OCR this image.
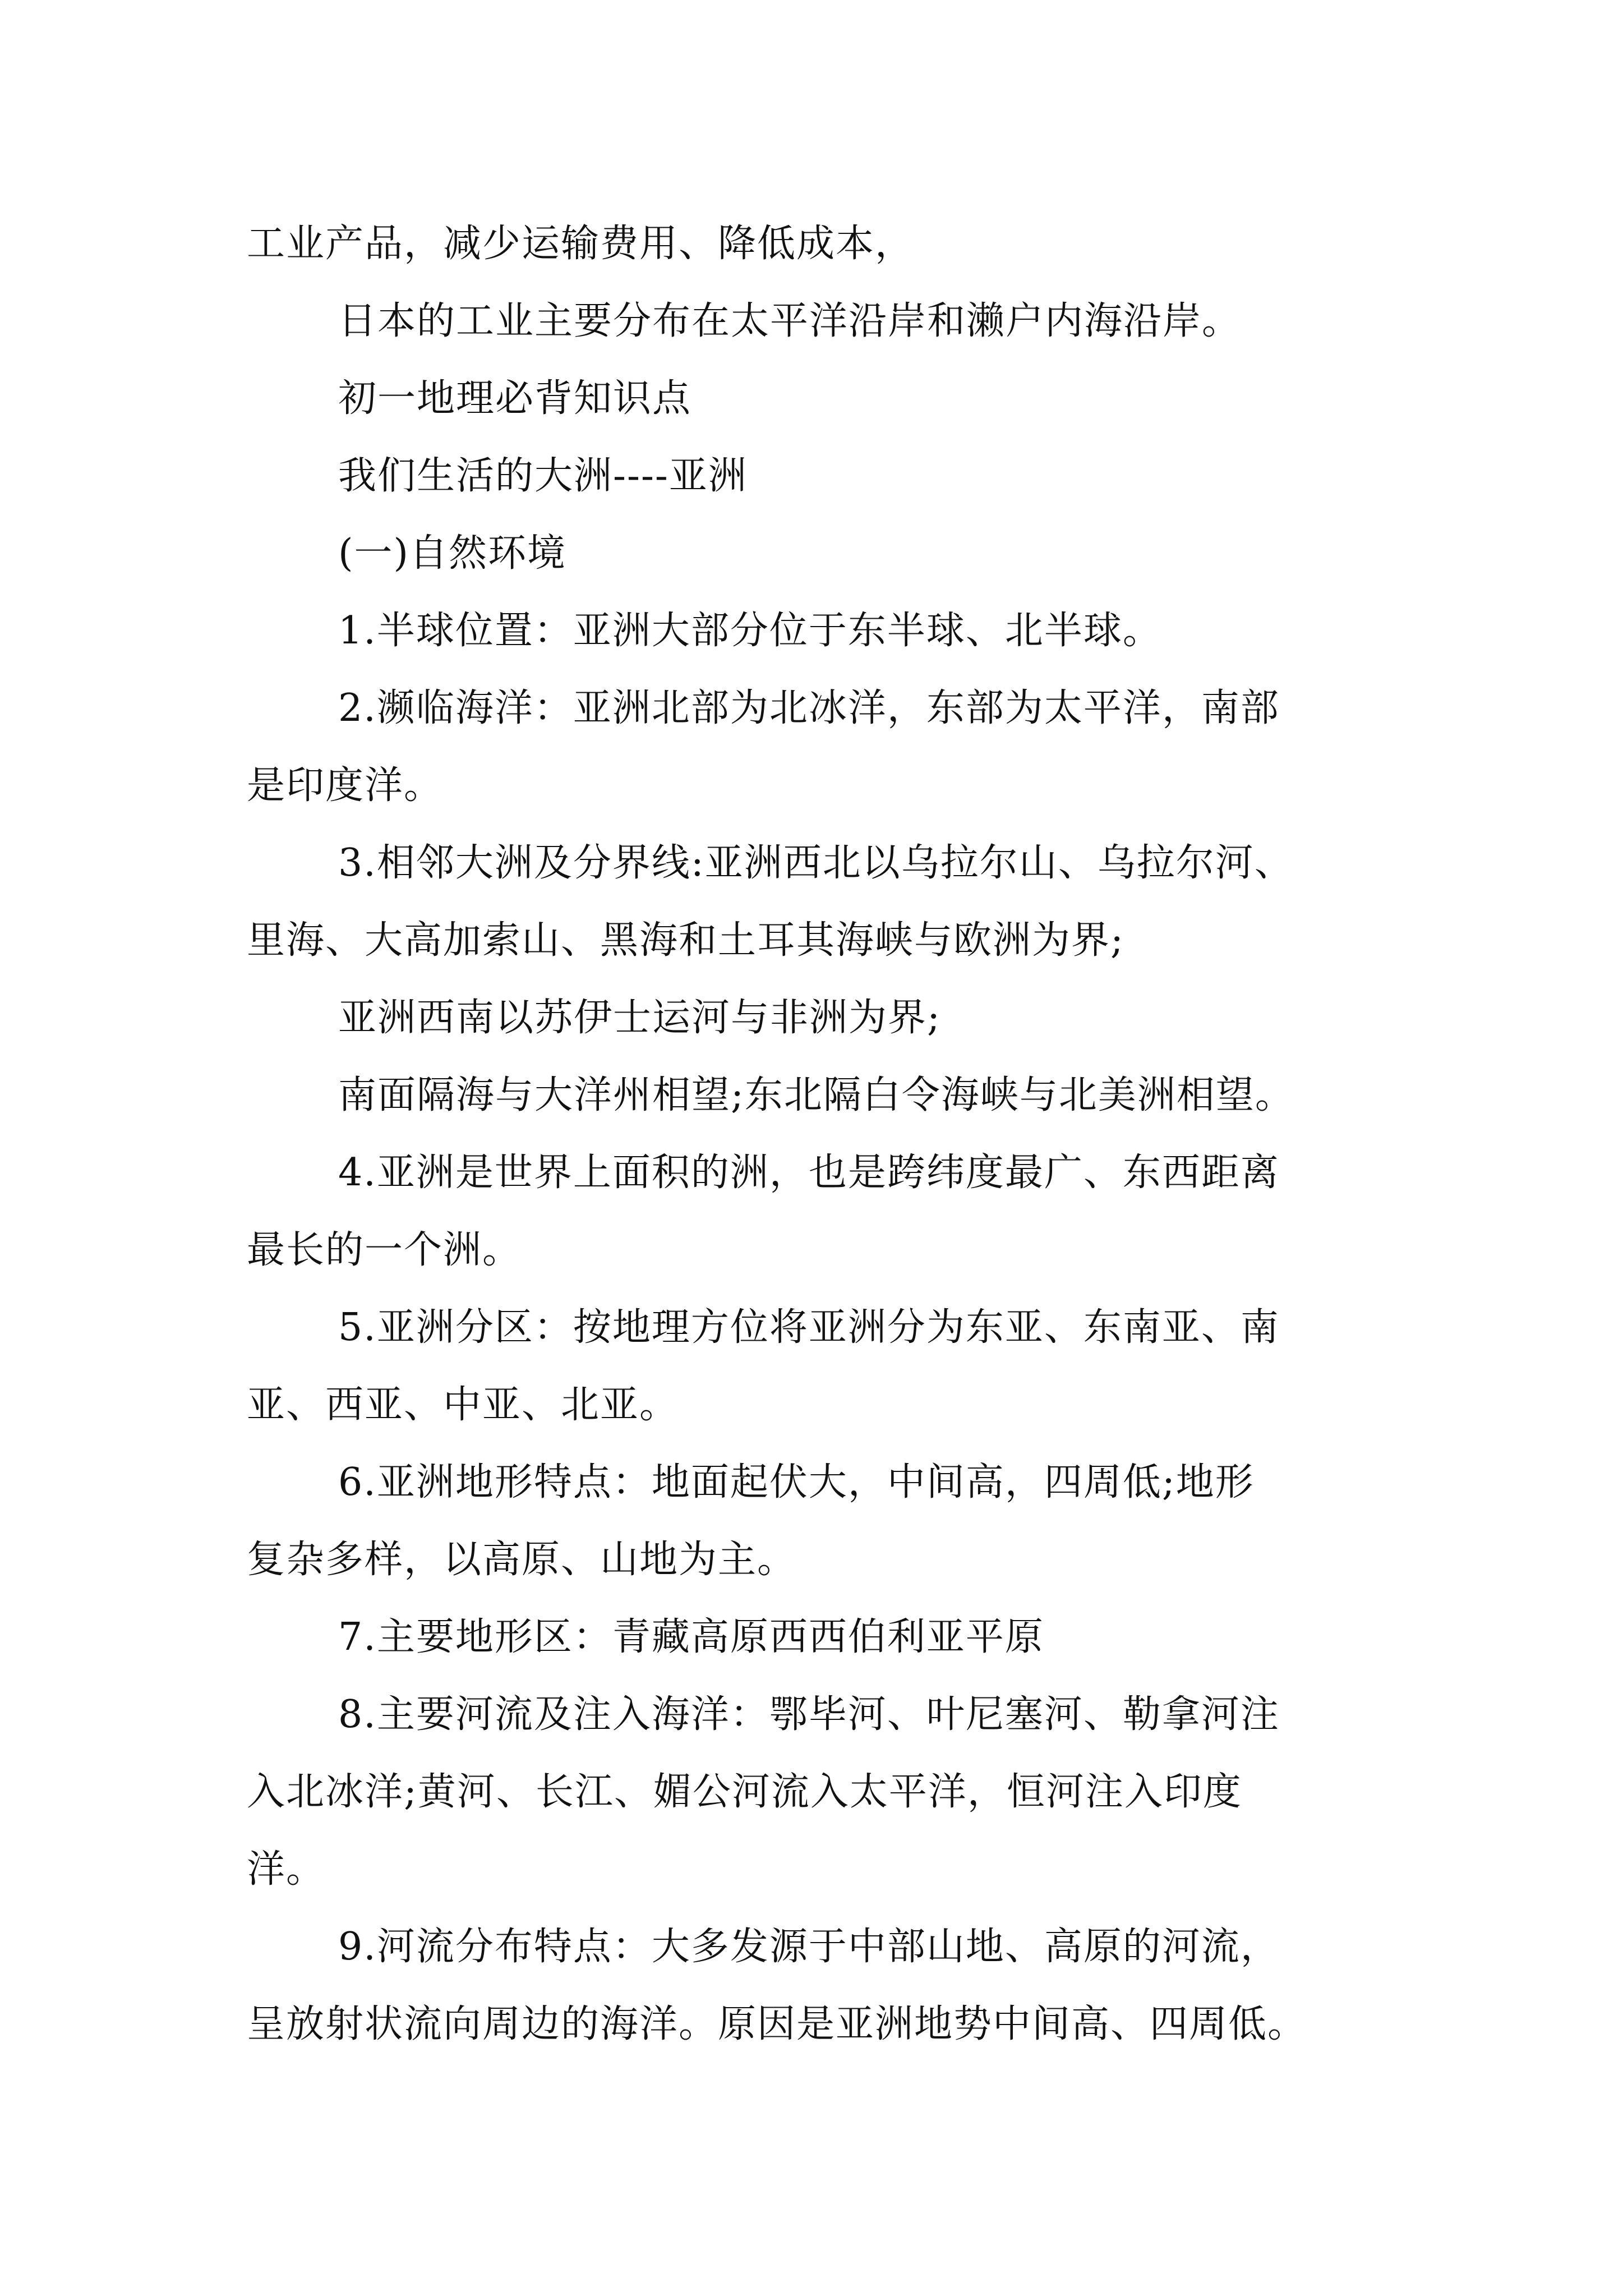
工业产品，减少运输费用、降低成本，
日本的工业主要分布在太平洋沿岸和濑户内海沿岸。
初一地理必背知识点
我们生活的大洲----亚洲
(一)自然环境
1.半球位置：亚洲大部分位于东半球、北半球。
2.濒临海洋：亚洲北部为北冰洋，东部为太平洋，南部
是印度洋。
3.相邻大洲及分界线:亚洲西北以乌拉尔山、乌拉尔河、
里海、大高加索山、黑海和土耳其海峡与欧洲为界;
亚洲西南以苏伊士运河与非洲为界;
南面隔海与大洋州相望;东北隔白令海峡与北美洲相望。
4.亚洲是世界上面积的洲，也是跨纬度最广、东西距离
最长的一个洲。
5.亚洲分区：按地理方位将亚洲分为东亚、东南亚、南
亚、西亚、中亚、北亚。
6.亚洲地形特点：地面起伏大，中间高，四周低;地形
复杂多样，以高原、山地为主。
7.主要地形区：青藏高原西西伯利亚平原
8.主要河流及注入海洋：鄂毕河、叶尼塞河、勒拿河注
入北冰洋;黄河、长江、媚公河流入太平洋，恒河注入印度
洋。
9.河流分布特点：大多发源于中部山地、高原的河流，
呈放射状流向周边的海洋。原因是亚洲地势中间高、四周低。
